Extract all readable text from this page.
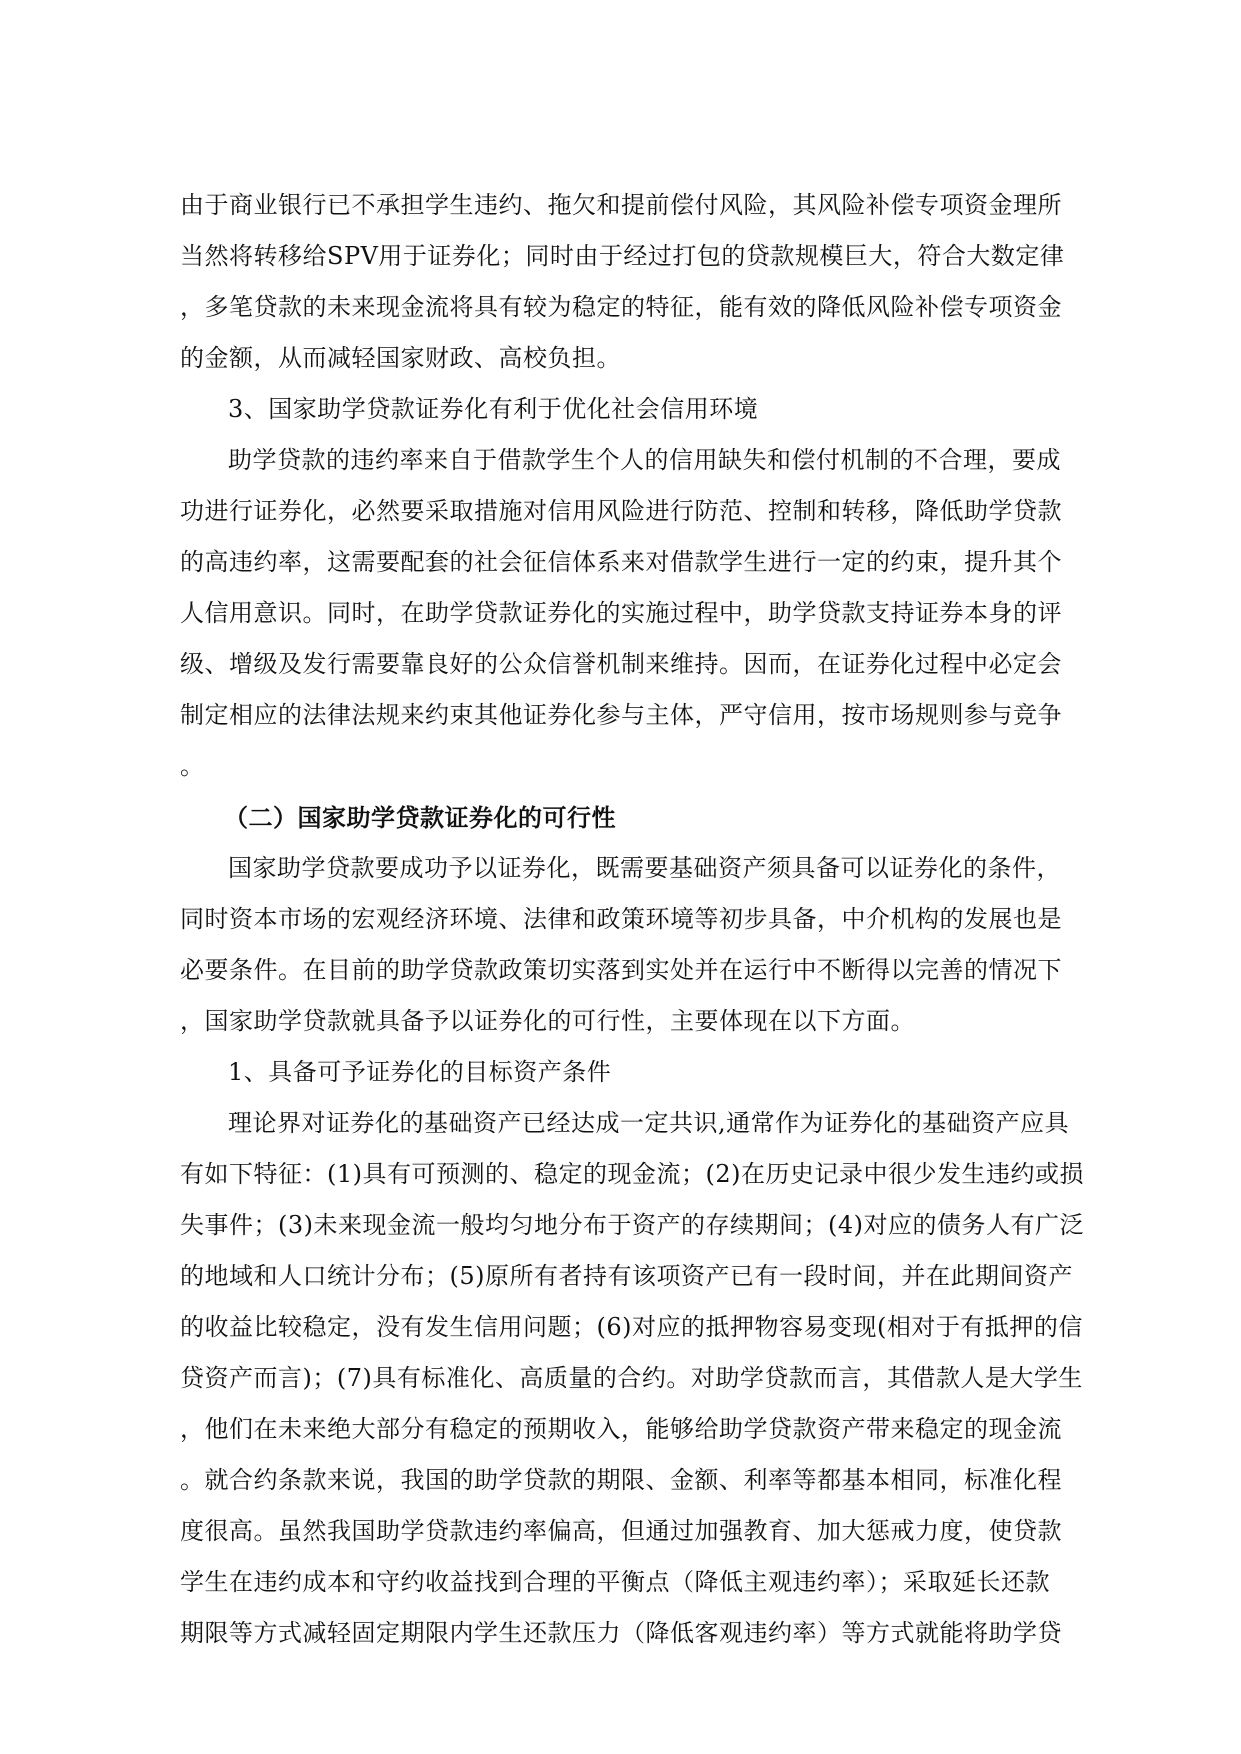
由于商业银行已不承担学生违约、拖欠和提前偿付风险，其风险补偿专项资金理所
当然将转移给SPV用于证券化；同时由于经过打包的贷款规模巨大，符合大数定律
，多笔贷款的未来现金流将具有较为稳定的特征，能有效的降低风险补偿专项资金
的金额，从而减轻国家财政、高校负担。
3、国家助学贷款证券化有利于优化社会信用环境
助学贷款的违约率来自于借款学生个人的信用缺失和偿付机制的不合理，要成
功进行证券化，必然要采取措施对信用风险进行防范、控制和转移，降低助学贷款
的高违约率，这需要配套的社会征信体系来对借款学生进行一定的约束，提升其个
人信用意识。同时，在助学贷款证券化的实施过程中，助学贷款支持证券本身的评
级、增级及发行需要靠良好的公众信誉机制来维持。因而，在证券化过程中必定会
制定相应的法律法规来约束其他证券化参与主体，严守信用，按市场规则参与竞争
。
（二）国家助学贷款证券化的可行性
国家助学贷款要成功予以证券化，既需要基础资产须具备可以证券化的条件，
同时资本市场的宏观经济环境、法律和政策环境等初步具备，中介机构的发展也是
必要条件。在目前的助学贷款政策切实落到实处并在运行中不断得以完善的情况下
，国家助学贷款就具备予以证券化的可行性，主要体现在以下方面。
1、具备可予证券化的目标资产条件
理论界对证券化的基础资产已经达成一定共识,通常作为证券化的基础资产应具
有如下特征：(1)具有可预测的、稳定的现金流；(2)在历史记录中很少发生违约或损
失事件；(3)未来现金流一般均匀地分布于资产的存续期间；(4)对应的债务人有广泛
的地域和人口统计分布；(5)原所有者持有该项资产已有一段时间，并在此期间资产
的收益比较稳定，没有发生信用问题；(6)对应的抵押物容易变现(相对于有抵押的信
贷资产而言)；(7)具有标准化、高质量的合约。对助学贷款而言，其借款人是大学生
，他们在未来绝大部分有稳定的预期收入，能够给助学贷款资产带来稳定的现金流
。就合约条款来说，我国的助学贷款的期限、金额、利率等都基本相同，标准化程
度很高。虽然我国助学贷款违约率偏高，但通过加强教育、加大惩戒力度，使贷款
学生在违约成本和守约收益找到合理的平衡点（降低主观违约率）；采取延长还款
期限等方式减轻固定期限内学生还款压力（降低客观违约率）等方式就能将助学贷
